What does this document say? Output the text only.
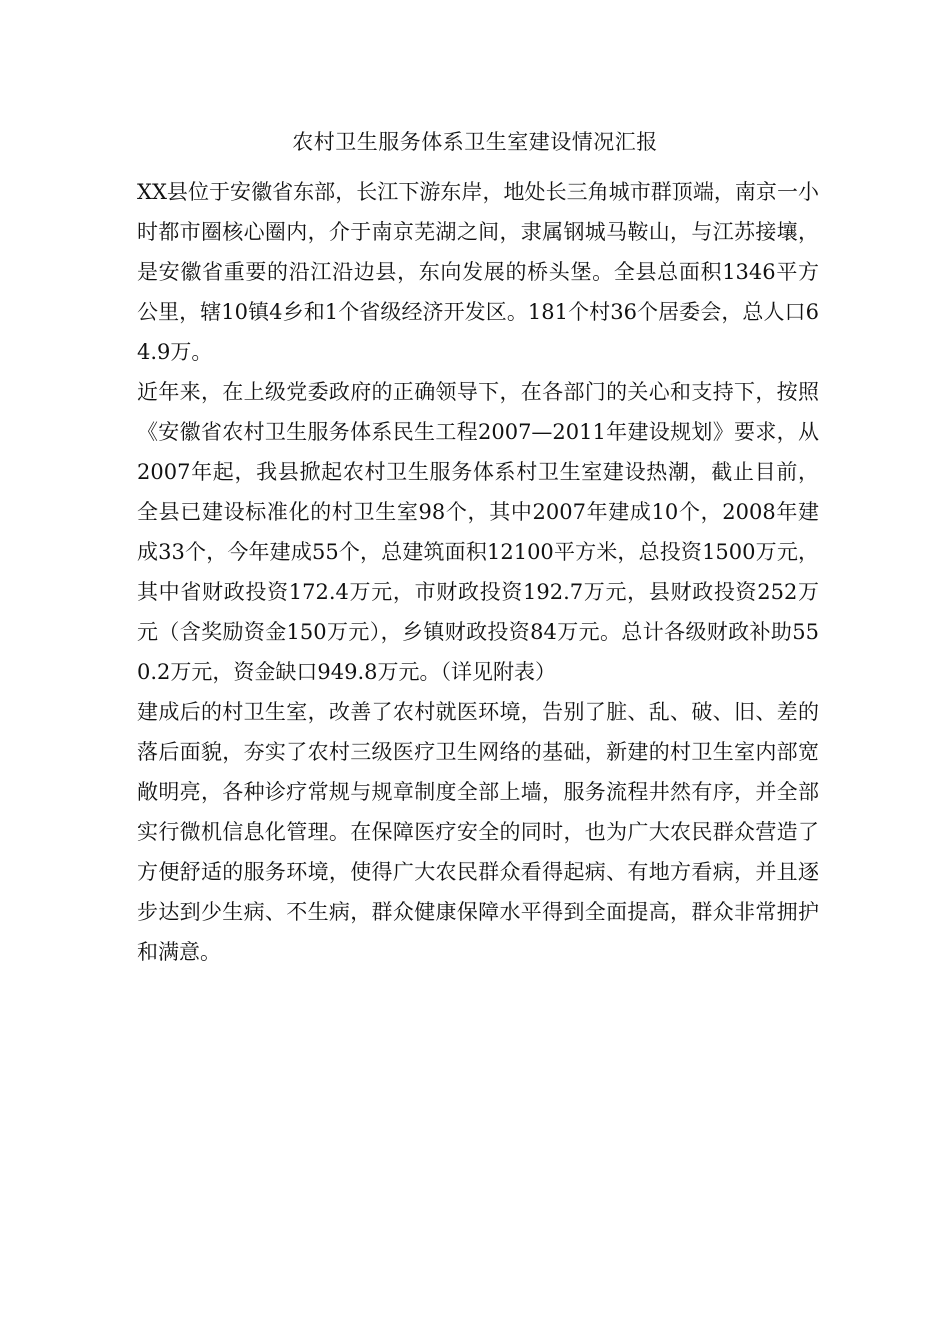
农村卫生服务体系卫生室建设情况汇报

XX县位于安徽省东部，长江下游东岸，地处长三角城市群顶端，南京一小时都市圈核心圈内，介于南京芜湖之间，隶属钢城马鞍山，与江苏接壤，是安徽省重要的沿江沿边县，东向发展的桥头堡。全县总面积1346平方公里，辖10镇4乡和1个省级经济开发区。181个村36个居委会，总人口64.9万。

近年来，在上级党委政府的正确领导下，在各部门的关心和支持下，按照《安徽省农村卫生服务体系民生工程2007—2011年建设规划》要求，从2007年起，我县掀起农村卫生服务体系村卫生室建设热潮，截止目前，全县已建设标准化的村卫生室98个，其中2007年建成10个，2008年建成33个，今年建成55个，总建筑面积12100平方米，总投资1500万元，其中省财政投资172.4万元，市财政投资192.7万元，县财政投资252万元（含奖励资金150万元），乡镇财政投资84万元。总计各级财政补助550.2万元，资金缺口949.8万元。（详见附表）

建成后的村卫生室，改善了农村就医环境，告别了脏、乱、破、旧、差的落后面貌，夯实了农村三级医疗卫生网络的基础，新建的村卫生室内部宽敞明亮，各种诊疗常规与规章制度全部上墙，服务流程井然有序，并全部实行微机信息化管理。在保障医疗安全的同时，也为广大农民群众营造了方便舒适的服务环境，使得广大农民群众看得起病、有地方看病，并且逐步达到少生病、不生病，群众健康保障水平得到全面提高，群众非常拥护和满意。
